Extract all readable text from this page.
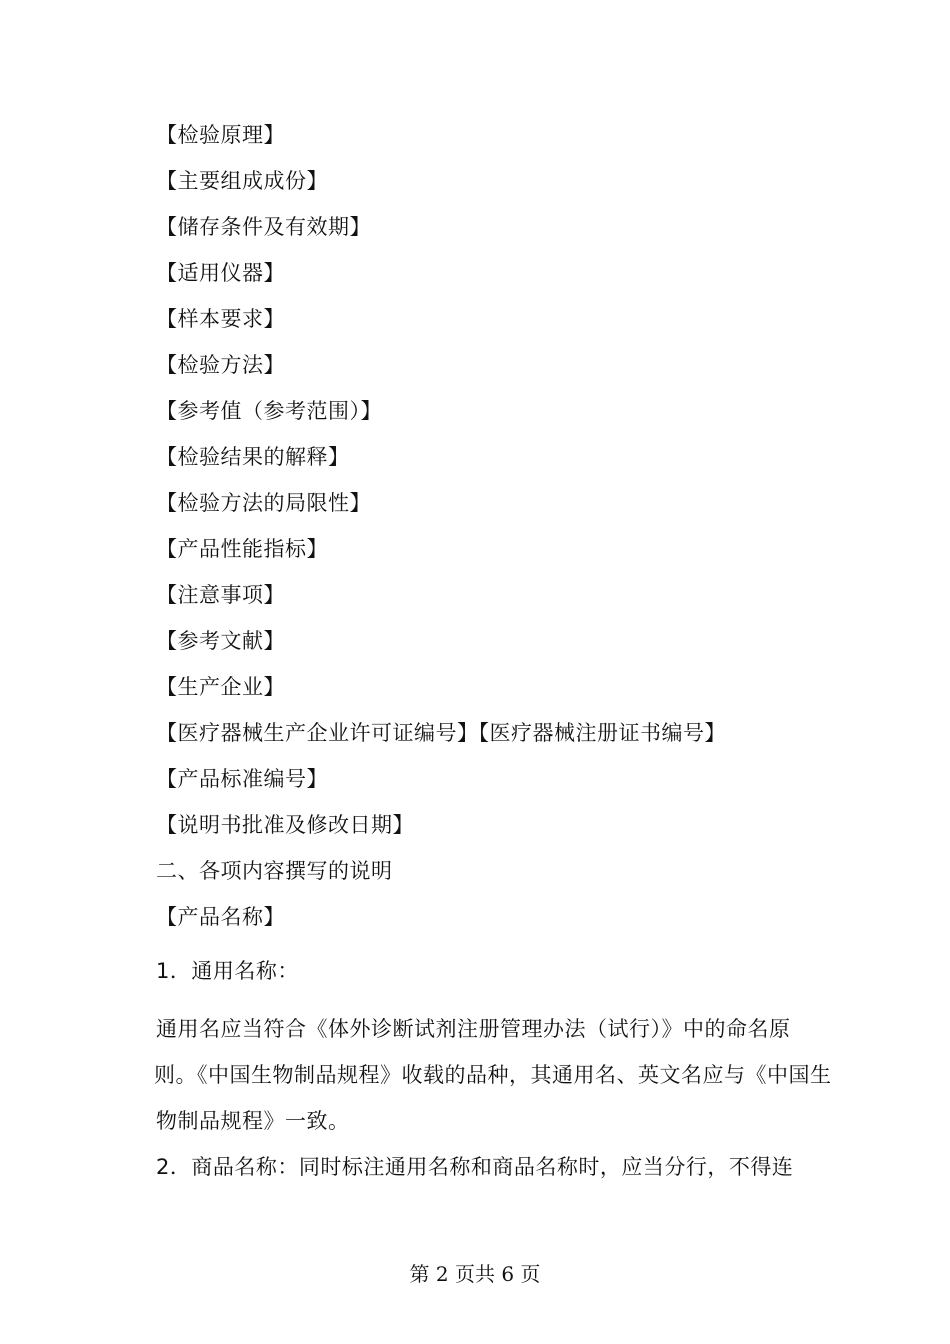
【检验原理】
【主要组成成份】
【储存条件及有效期】
【适用仪器】
【样本要求】
【检验方法】
【参考值（参考范围）】
【检验结果的解释】
【检验方法的局限性】
【产品性能指标】
【注意事项】
【参考文献】
【生产企业】
【医疗器械生产企业许可证编号】【医疗器械注册证书编号】
【产品标准编号】
【说明书批准及修改日期】
二、各项内容撰写的说明
【产品名称】
1．通用名称：
通用名应当符合《体外诊断试剂注册管理办法（试行）》中的命名原
则。《中国生物制品规程》收载的品种，其通用名、英文名应与《中国生
物制品规程》一致。
2．商品名称：同时标注通用名称和商品名称时，应当分行，不得连
第 2 页共 6 页
